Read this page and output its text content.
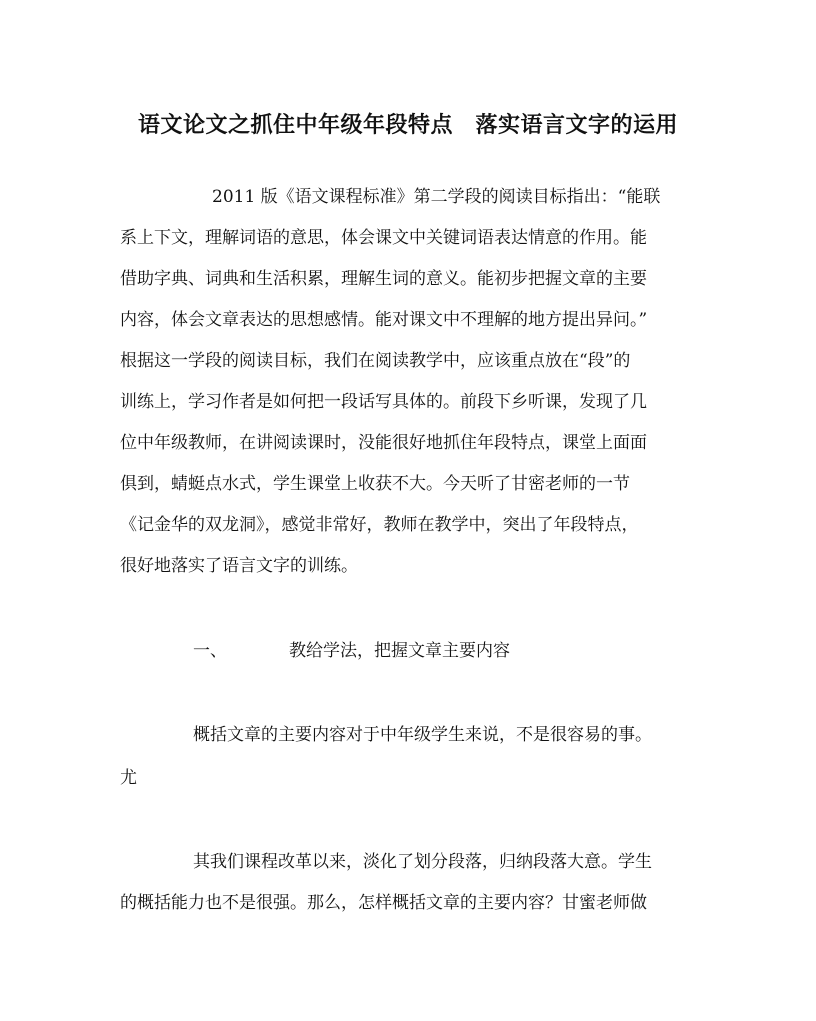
语文论文之抓住中年级年段特点　落实语言文字的运用
2011 版《语文课程标准》第二学段的阅读目标指出：“能联
系上下文，理解词语的意思，体会课文中关键词语表达情意的作用。能
借助字典、词典和生活积累，理解生词的意义。能初步把握文章的主要
内容，体会文章表达的思想感情。能对课文中不理解的地方提出异问。”
根据这一学段的阅读目标，我们在阅读教学中，应该重点放在“段”的
训练上，学习作者是如何把一段话写具体的。前段下乡听课，发现了几
位中年级教师，在讲阅读课时，没能很好地抓住年段特点，课堂上面面
俱到，蜻蜓点水式，学生课堂上收获不大。今天听了甘密老师的一节
《记金华的双龙洞》，感觉非常好，教师在教学中，突出了年段特点，
很好地落实了语言文字的训练。
一、	教给学法，把握文章主要内容
概括文章的主要内容对于中年级学生来说，不是很容易的事。
尤
其我们课程改革以来，淡化了划分段落，归纳段落大意。学生
的概括能力也不是很强。那么，怎样概括文章的主要内容？甘蜜老师做
